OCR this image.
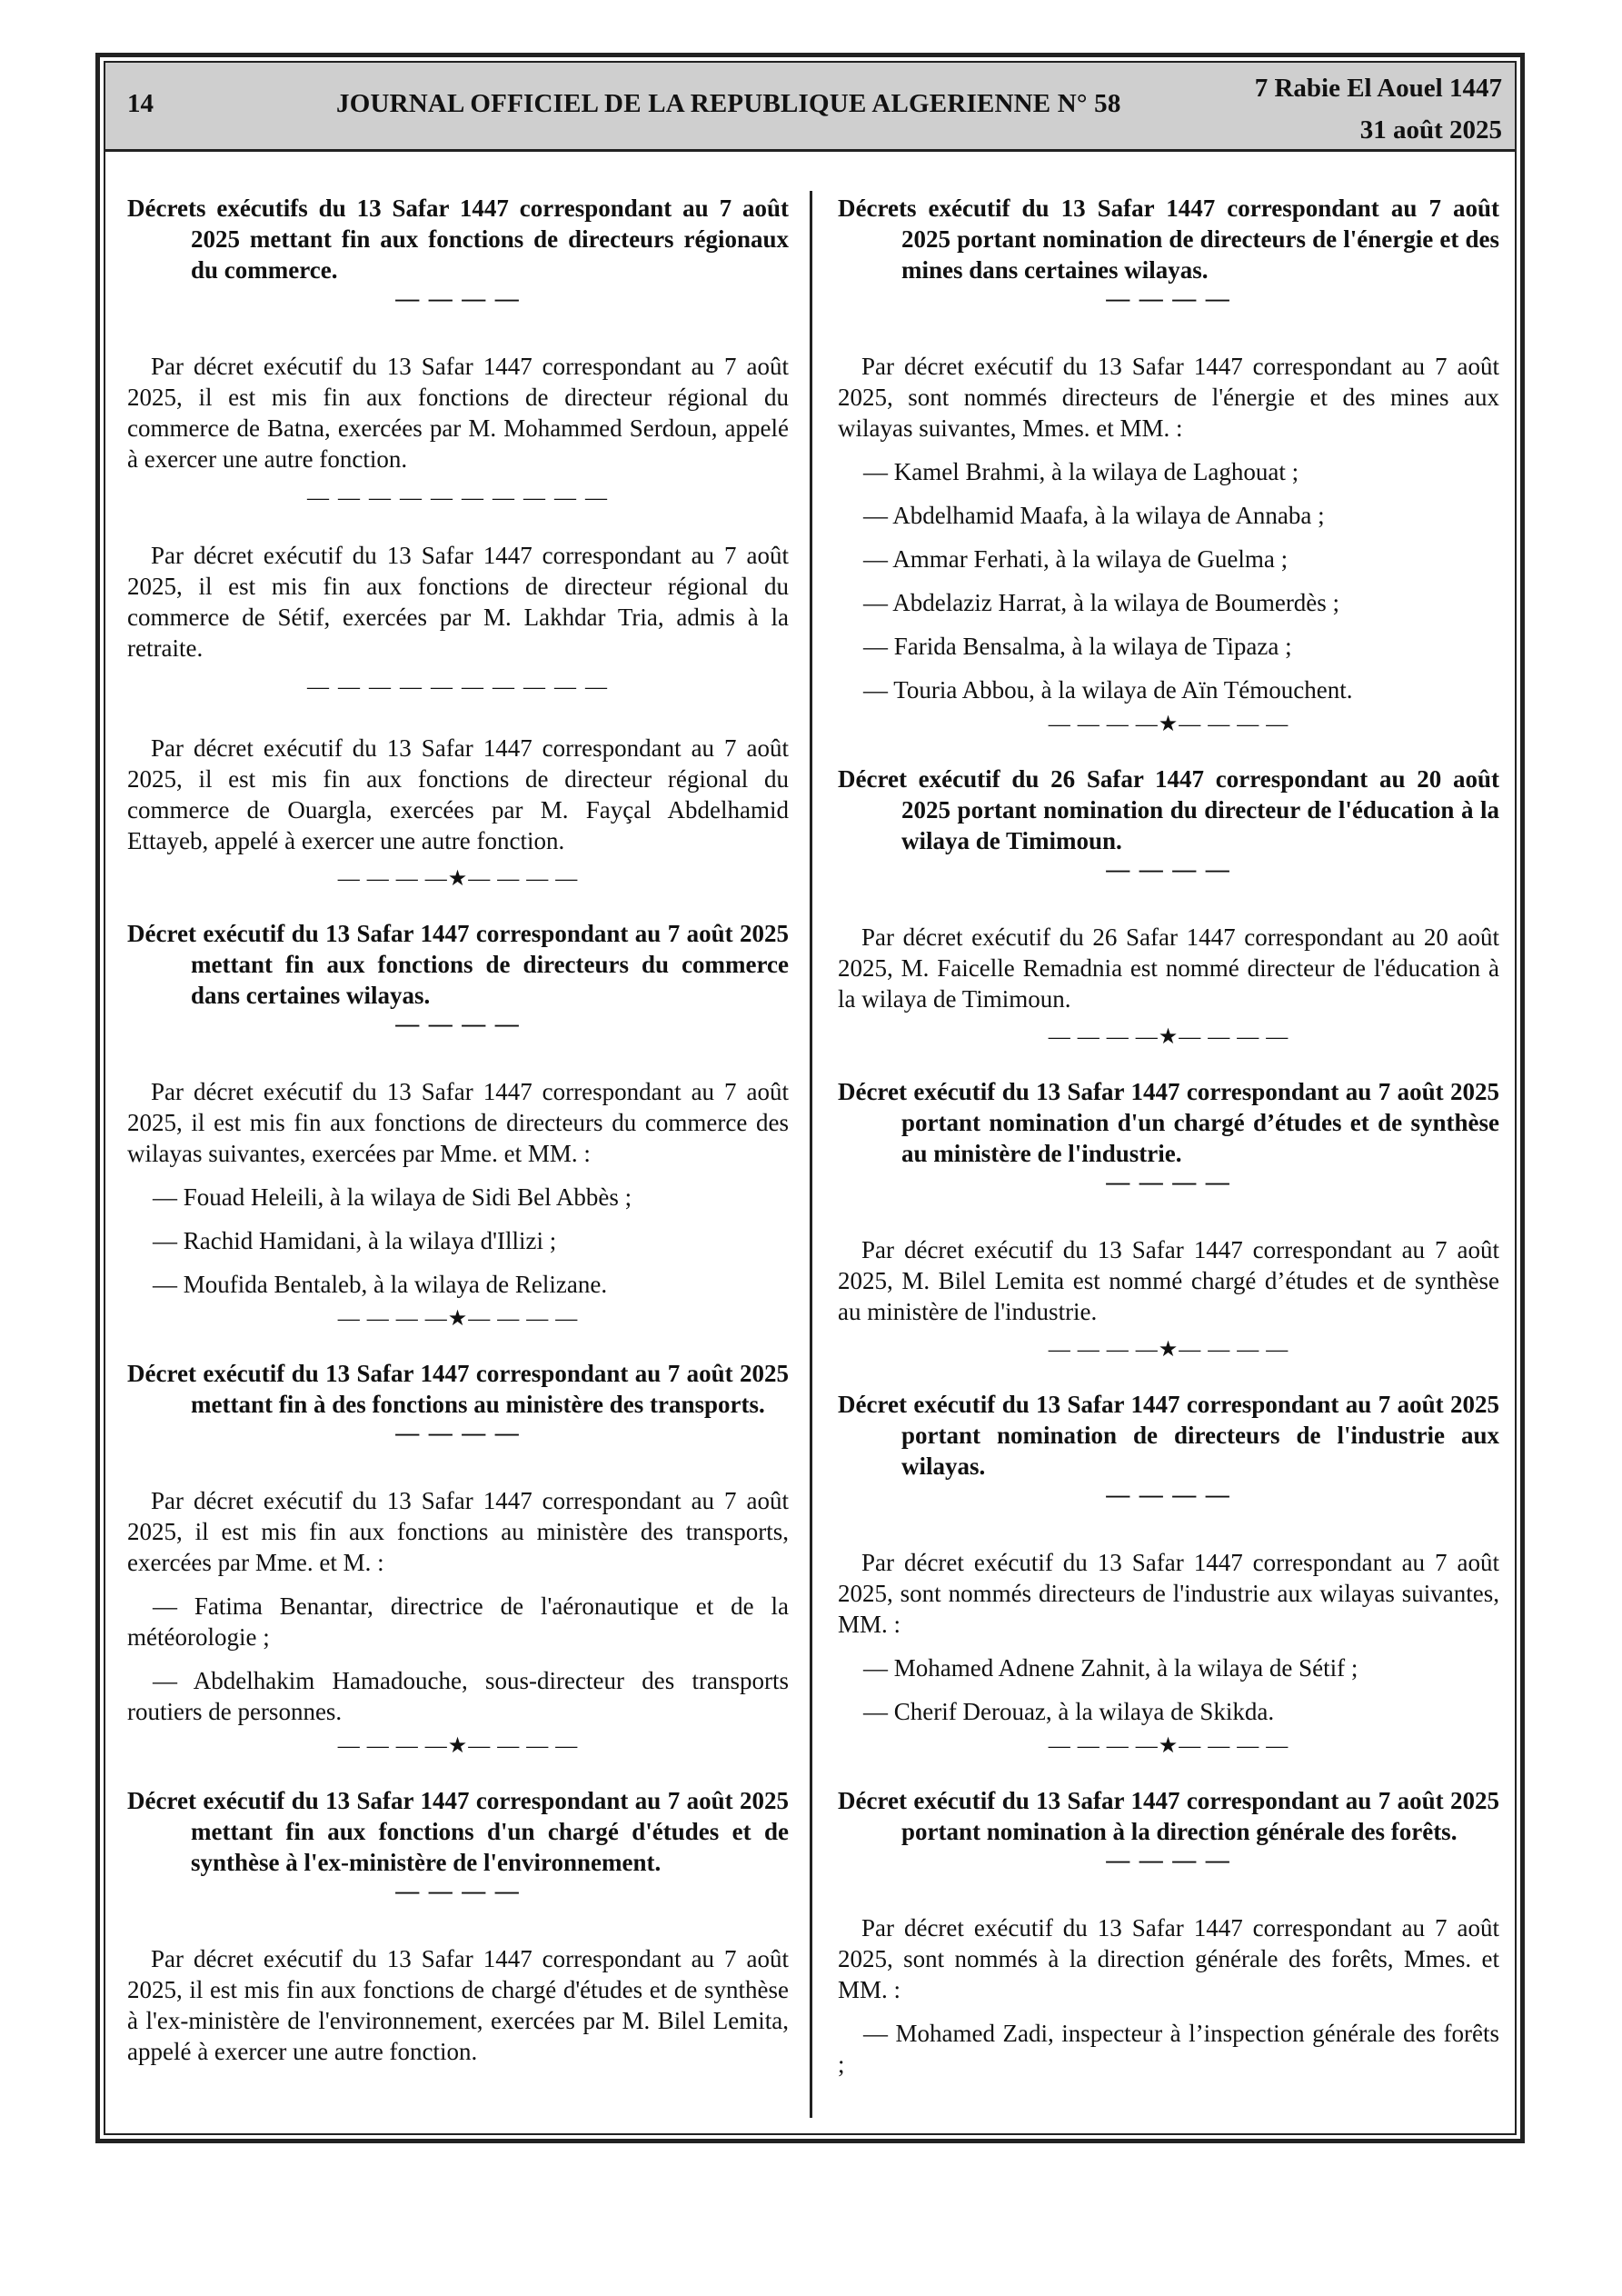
14	JOURNAL OFFICIEL DE LA REPUBLIQUE ALGERIENNE N° 58
7 Rabie El Aouel 1447
31 août 2025

Décrets exécutifs du 13 Safar 1447 correspondant au 7 août 2025 mettant fin aux fonctions de directeurs régionaux du commerce.

— — — —

Par décret exécutif du 13 Safar 1447 correspondant au 7 août 2025, il est mis fin aux fonctions de directeur régional du commerce de Batna, exercées par M. Mohammed Serdoun, appelé à exercer une autre fonction.

— — — — — — — — — —

Par décret exécutif du 13 Safar 1447 correspondant au 7 août 2025, il est mis fin aux fonctions de directeur régional du commerce de Sétif, exercées par M. Lakhdar Tria, admis à la retraite.

— — — — — — — — — —

Par décret exécutif du 13 Safar 1447 correspondant au 7 août 2025, il est mis fin aux fonctions de directeur régional du commerce de Ouargla, exercées par M. Fayçal Abdelhamid Ettayeb, appelé à exercer une autre fonction.

— — — —★— — — —

Décret exécutif du 13 Safar 1447 correspondant au 7 août 2025 mettant fin aux fonctions de directeurs du commerce dans certaines wilayas.

— — — —

Par décret exécutif du 13 Safar 1447 correspondant au 7 août 2025, il est mis fin aux fonctions de directeurs du commerce des wilayas suivantes, exercées par Mme. et MM. :

— Fouad Heleili, à la wilaya de Sidi Bel Abbès ;

— Rachid Hamidani, à la wilaya d'Illizi ;

— Moufida Bentaleb, à la wilaya de Relizane.

— — — —★— — — —

Décret exécutif du 13 Safar 1447 correspondant au 7 août 2025 mettant fin à des fonctions au ministère des transports.

— — — —

Par décret exécutif du 13 Safar 1447 correspondant au 7 août 2025, il est mis fin aux fonctions au ministère des transports, exercées par Mme. et M. :

— Fatima Benantar, directrice de l'aéronautique et de la météorologie ;

— Abdelhakim Hamadouche, sous-directeur des transports routiers de personnes.

— — — —★— — — —

Décret exécutif du 13 Safar 1447 correspondant au 7 août 2025 mettant fin aux fonctions d'un chargé d'études et de synthèse à l'ex-ministère de l'environnement.

— — — —

Par décret exécutif du 13 Safar 1447 correspondant au 7 août 2025, il est mis fin aux fonctions de chargé d'études et de synthèse à l'ex-ministère de l'environnement, exercées par M. Bilel Lemita, appelé à exercer une autre fonction.

Décrets exécutif du 13 Safar 1447 correspondant au 7 août 2025 portant nomination de directeurs de l'énergie et des mines dans certaines wilayas.

— — — —

Par décret exécutif du 13 Safar 1447 correspondant au 7 août 2025, sont nommés directeurs de l'énergie et des mines aux wilayas suivantes, Mmes. et MM. :

— Kamel Brahmi, à la wilaya de Laghouat ;

— Abdelhamid Maafa, à la wilaya de Annaba ;

— Ammar Ferhati, à la wilaya de Guelma ;

— Abdelaziz Harrat, à la wilaya de Boumerdès ;

— Farida Bensalma, à la wilaya de Tipaza ;

— Touria Abbou, à la wilaya de Aïn Témouchent.

— — — —★— — — —

Décret exécutif du 26 Safar 1447 correspondant au 20 août 2025 portant nomination du directeur de l'éducation à la wilaya de Timimoun.

— — — —

Par décret exécutif du 26 Safar 1447 correspondant au 20 août 2025, M. Faicelle Remadnia est nommé directeur de l'éducation à la wilaya de Timimoun.

— — — —★— — — —

Décret exécutif du 13 Safar 1447 correspondant au 7 août 2025 portant nomination d'un chargé d’études et de synthèse au ministère de l'industrie.

— — — —

Par décret exécutif du 13 Safar 1447 correspondant au 7 août 2025, M. Bilel Lemita est nommé chargé d’études et de synthèse au ministère de l'industrie.

— — — —★— — — —

Décret exécutif du 13 Safar 1447 correspondant au 7 août 2025 portant nomination de directeurs de l'industrie aux wilayas.

— — — —

Par décret exécutif du 13 Safar 1447 correspondant au 7 août 2025, sont nommés directeurs de l'industrie aux wilayas suivantes, MM. :

— Mohamed Adnene Zahnit, à la wilaya de Sétif ;

— Cherif Derouaz, à la wilaya de Skikda.

— — — —★— — — —

Décret exécutif du 13 Safar 1447 correspondant au 7 août 2025 portant nomination à la direction générale des forêts.

— — — —

Par décret exécutif du 13 Safar 1447 correspondant au 7 août 2025, sont nommés à la direction générale des forêts, Mmes. et MM. :

— Mohamed Zadi, inspecteur à l’inspection générale des forêts ;
